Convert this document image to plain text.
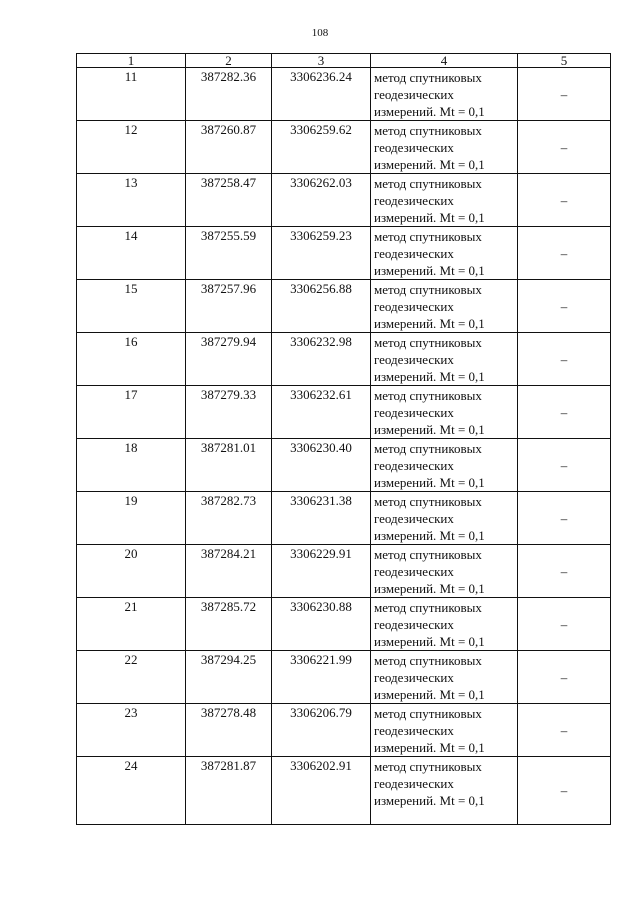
108
1	2	3	4	5
11	387282.36	3306236.24	метод спутниковых
геодезических
измерений. Mt = 0,1	–
12	387260.87	3306259.62	метод спутниковых
геодезических
измерений. Mt = 0,1	–
13	387258.47	3306262.03	метод спутниковых
геодезических
измерений. Mt = 0,1	–
14	387255.59	3306259.23	метод спутниковых
геодезических
измерений. Mt = 0,1	–
15	387257.96	3306256.88	метод спутниковых
геодезических
измерений. Mt = 0,1	–
16	387279.94	3306232.98	метод спутниковых
геодезических
измерений. Mt = 0,1	–
17	387279.33	3306232.61	метод спутниковых
геодезических
измерений. Mt = 0,1	–
18	387281.01	3306230.40	метод спутниковых
геодезических
измерений. Mt = 0,1	–
19	387282.73	3306231.38	метод спутниковых
геодезических
измерений. Mt = 0,1	–
20	387284.21	3306229.91	метод спутниковых
геодезических
измерений. Mt = 0,1	–
21	387285.72	3306230.88	метод спутниковых
геодезических
измерений. Mt = 0,1	–
22	387294.25	3306221.99	метод спутниковых
геодезических
измерений. Mt = 0,1	–
23	387278.48	3306206.79	метод спутниковых
геодезических
измерений. Mt = 0,1	–
24	387281.87	3306202.91	метод спутниковых
геодезических
измерений. Mt = 0,1	–
